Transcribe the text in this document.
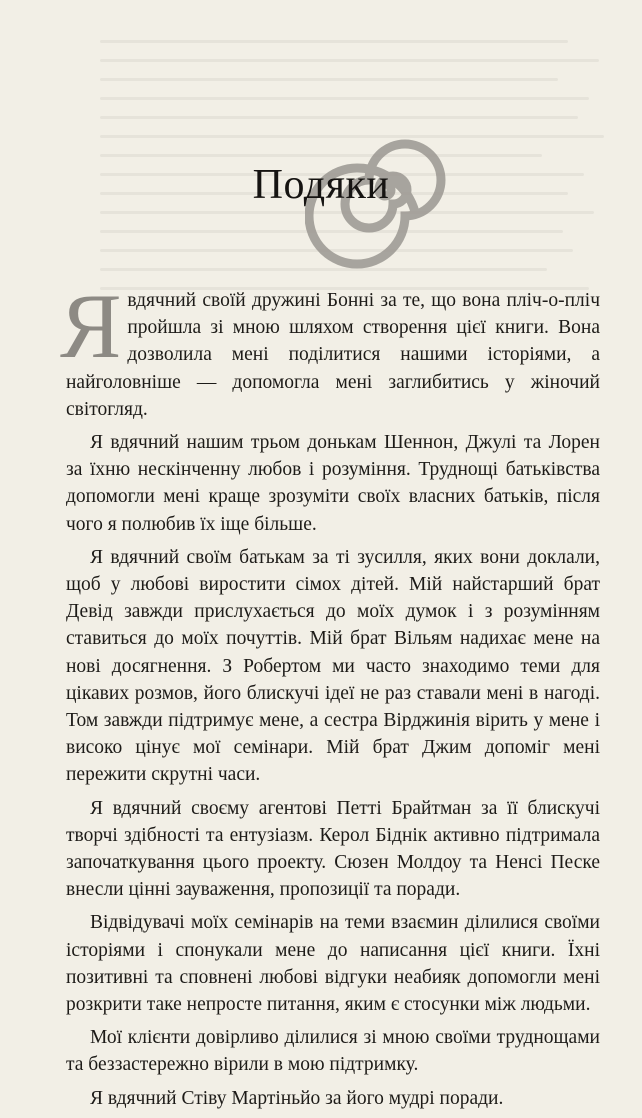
Подяки

Явдячний своїй дружині Бонні за те, що вона пліч-о-пліч пройшла зі мною шляхом створення цієї книги. Вона дозволила мені поділитися нашими історіями, а найголовніше — допомогла мені заглибитись у жіночий світогляд.

Я вдячний нашим трьом донькам Шеннон, Джулі та Лорен за їхню нескінченну любов і розуміння. Труднощі батьківства допомогли мені краще зрозуміти своїх власних батьків, після чого я полюбив їх іще більше.

Я вдячний своїм батькам за ті зусилля, яких вони доклали, щоб у любові виростити сімох дітей. Мій найстарший брат Девід завжди прислухається до моїх думок і з розумінням ставиться до моїх почуттів. Мій брат Вільям надихає мене на нові досягнення. З Робертом ми часто знаходимо теми для цікавих розмов, його блискучі ідеї не раз ставали мені в нагоді. Том завжди підтримує мене, а сестра Вірджинія вірить у мене і високо цінує мої семінари. Мій брат Джим допоміг мені пережити скрутні часи.

Я вдячний своєму агентові Петті Брайтман за її блискучі творчі здібності та ентузіазм. Керол Біднік активно підтримала започаткування цього проекту. Сюзен Молдоу та Ненсі Песке внесли цінні зауваження, пропозиції та поради.

Відвідувачі моїх семінарів на теми взаємин ділилися своїми історіями і спонукали мене до написання цієї книги. Їхні позитивні та сповнені любові відгуки неабияк допомогли мені розкрити таке непросте питання, яким є стосунки між людьми.

Мої клієнти довірливо ділилися зі мною своїми труднощами та беззастережно вірили в мою підтримку.

Я вдячний Стіву Мартіньйо за його мудрі поради.
